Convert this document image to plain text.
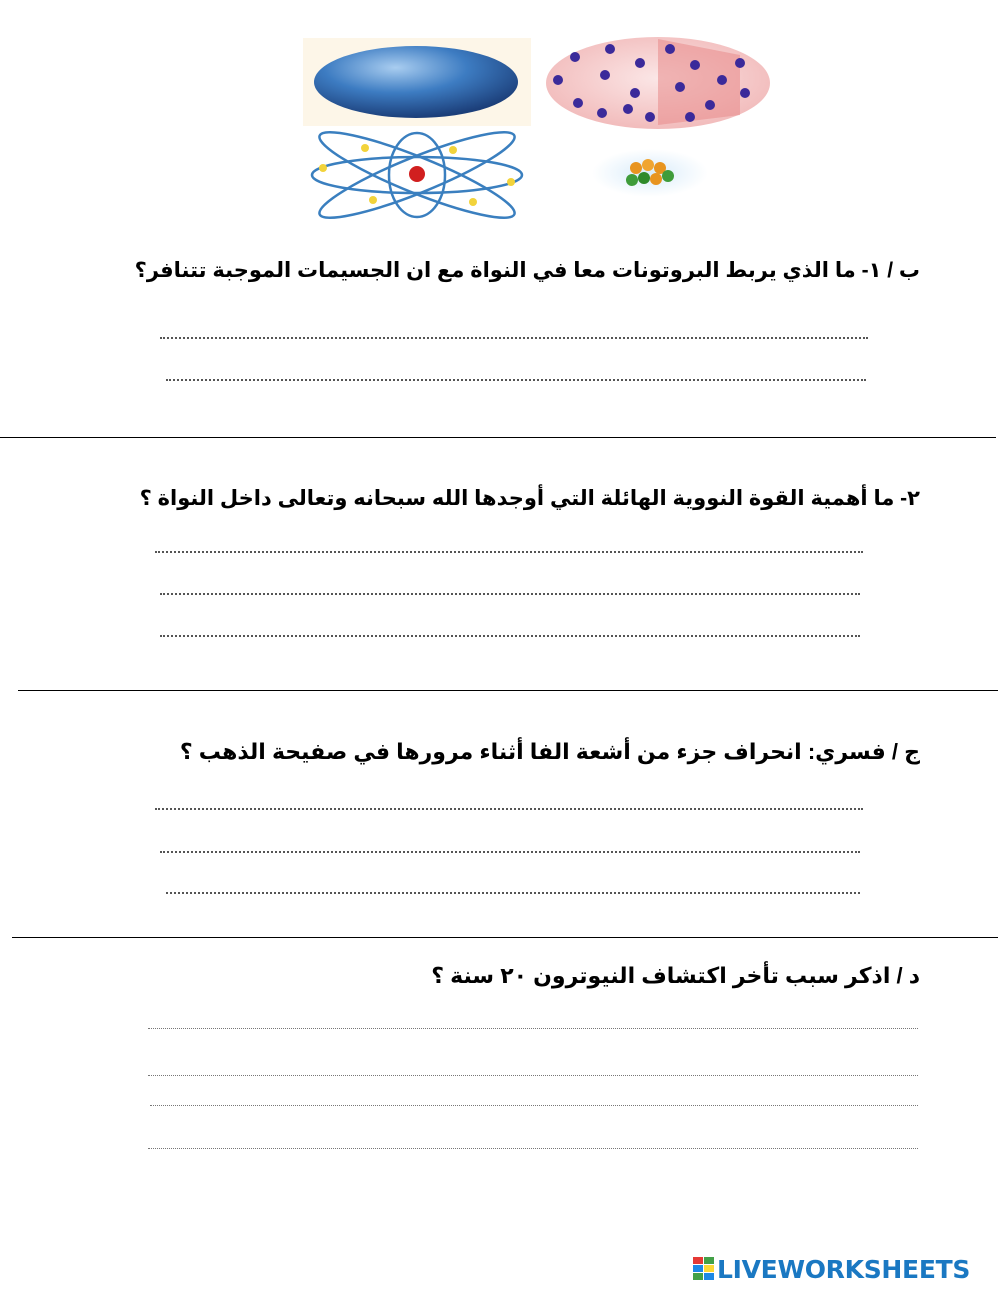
ب / ١- ما الذي يربط البروتونات معا في النواة مع ان الجسيمات الموجبة تتنافر؟
٢- ما أهمية القوة النووية الهائلة التي أوجدها الله سبحانه وتعالى داخل النواة ؟
ج / فسري: انحراف جزء من أشعة الفا أثناء مرورها في صفيحة الذهب ؟
د / اذكر سبب تأخر اكتشاف النيوترون ٢٠ سنة ؟
LIVEWORKSHEETS
